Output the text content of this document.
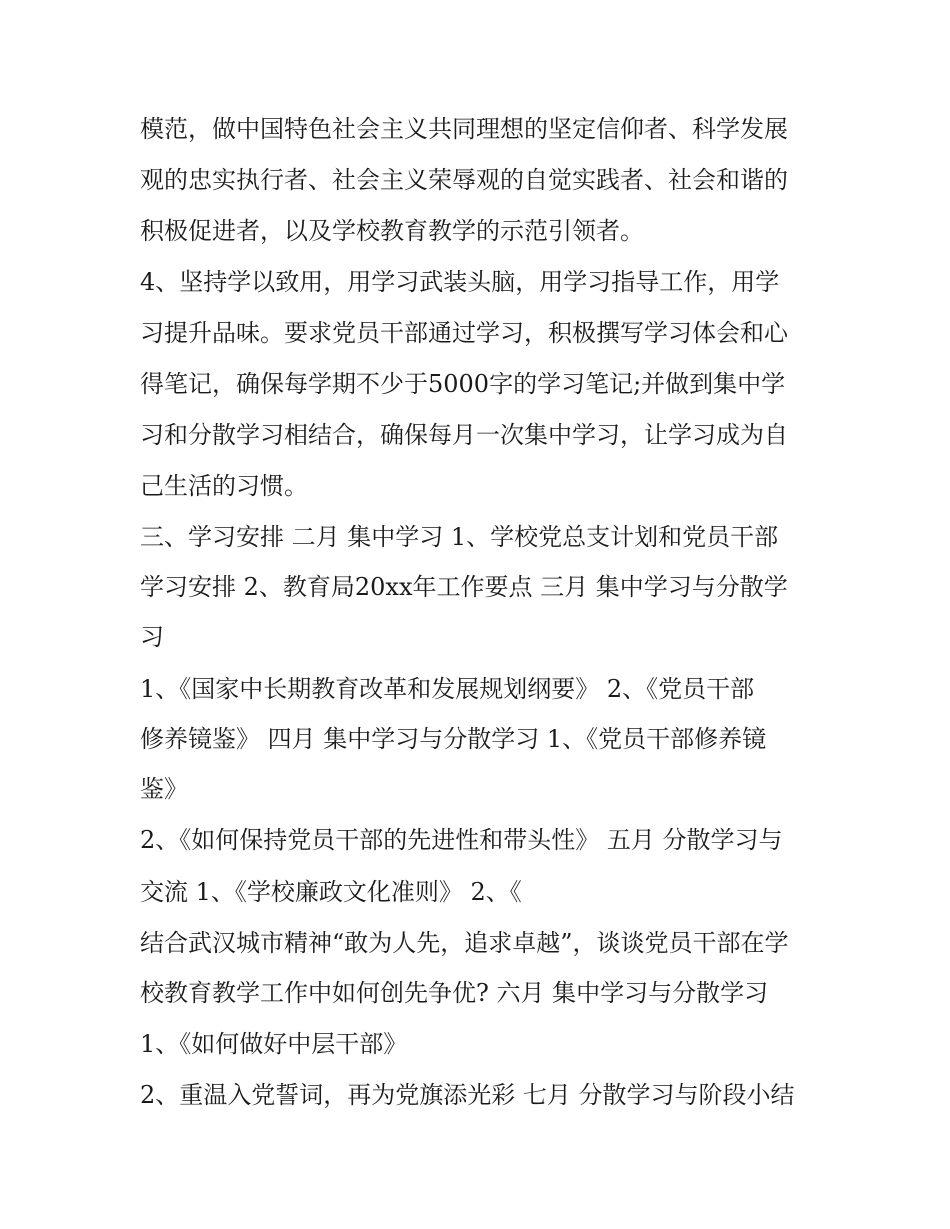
模范，做中国特色社会主义共同理想的坚定信仰者、科学发展

观的忠实执行者、社会主义荣辱观的自觉实践者、社会和谐的

积极促进者，以及学校教育教学的示范引领者。

4、坚持学以致用，用学习武装头脑，用学习指导工作，用学

习提升品味。要求党员干部通过学习，积极撰写学习体会和心

得笔记，确保每学期不少于5000字的学习笔记;并做到集中学

习和分散学习相结合，确保每月一次集中学习，让学习成为自

己生活的习惯。

三、学习安排 二月 集中学习 1、学校党总支计划和党员干部

学习安排 2、教育局20xx年工作要点 三月 集中学习与分散学

习

1、《国家中长期教育改革和发展规划纲要》 2、《党员干部

修养镜鉴》 四月 集中学习与分散学习 1、《党员干部修养镜

鉴》

2、《如何保持党员干部的先进性和带头性》 五月 分散学习与

交流 1、《学校廉政文化准则》 2、《

结合武汉城市精神“敢为人先，追求卓越”，谈谈党员干部在学

校教育教学工作中如何创先争优? 六月 集中学习与分散学习

1、《如何做好中层干部》

2、重温入党誓词，再为党旗添光彩 七月 分散学习与阶段小结
